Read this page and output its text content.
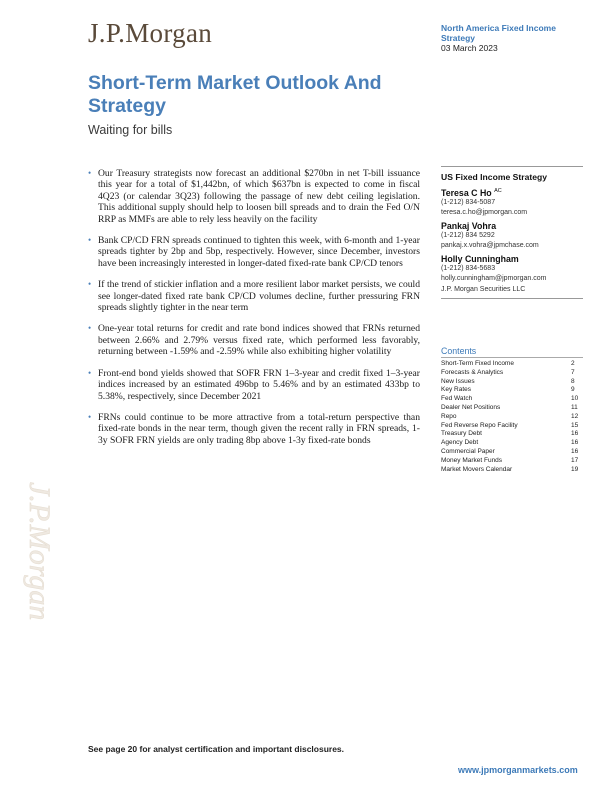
J.P.Morgan	North America Fixed Income
Strategy
03 March 2023
Short-Term Market Outlook And Strategy
Waiting for bills
J.P.Morgan
• Our Treasury strategists now forecast an additional $270bn in net T-bill issuance this year for a total of $1,442bn, of which $637bn is expected to come in fiscal 4Q23 (or calendar 3Q23) following the passage of new debt ceiling legislation. This additional supply should help to loosen bill spreads and to drain the Fed O/N RRP as MMFs are able to rely less heavily on the facility
• Bank CP/CD FRN spreads continued to tighten this week, with 6-month and 1-year spreads tighter by 2bp and 5bp, respectively. However, since December, investors have been increasingly interested in longer-dated fixed-rate bank CP/CD tenors
• If the trend of stickier inflation and a more resilient labor market persists, we could see longer-dated fixed rate bank CP/CD volumes decline, further pressuring FRN spreads slightly tighter in the near term
• One-year total returns for credit and rate bond indices showed that FRNs returned between 2.66% and 2.79% versus fixed rate, which performed less favorably, returning between -1.59% and -2.59% while also exhibiting higher volatility
• Front-end bond yields showed that SOFR FRN 1–3-year and credit fixed 1–3-year indices increased by an estimated 496bp to 5.46% and by an estimated 433bp to 5.38%, respectively, since December 2021
• FRNs could continue to be more attractive from a total-return perspective than fixed-rate bonds in the near term, though given the recent rally in FRN spreads, 1-3y SOFR FRN yields are only trading 8bp above 1-3y fixed-rate bonds
US Fixed Income Strategy
Teresa C Ho $^{AC}$
(1-212) 834-5087
teresa.c.ho@jpmorgan.com
Pankaj Vohra
(1-212) 834 5292
pankaj.x.vohra@jpmchase.com
Holly Cunningham
(1-212) 834-5683
holly.cunningham@jpmorgan.com
J.P. Morgan Securities LLC
Contents
Short-Term Fixed Income	2
Forecasts & Analytics	7
New Issues	8
Key Rates	9
Fed Watch	10
Dealer Net Positions	11
Repo	12
Fed Reverse Repo Facility	15
Treasury Debt	16
Agency Debt	16
Commercial Paper	16
Money Market Funds	17
Market Movers Calendar	19
See page 20 for analyst certification and important disclosures.
www.jpmorganmarkets.com
